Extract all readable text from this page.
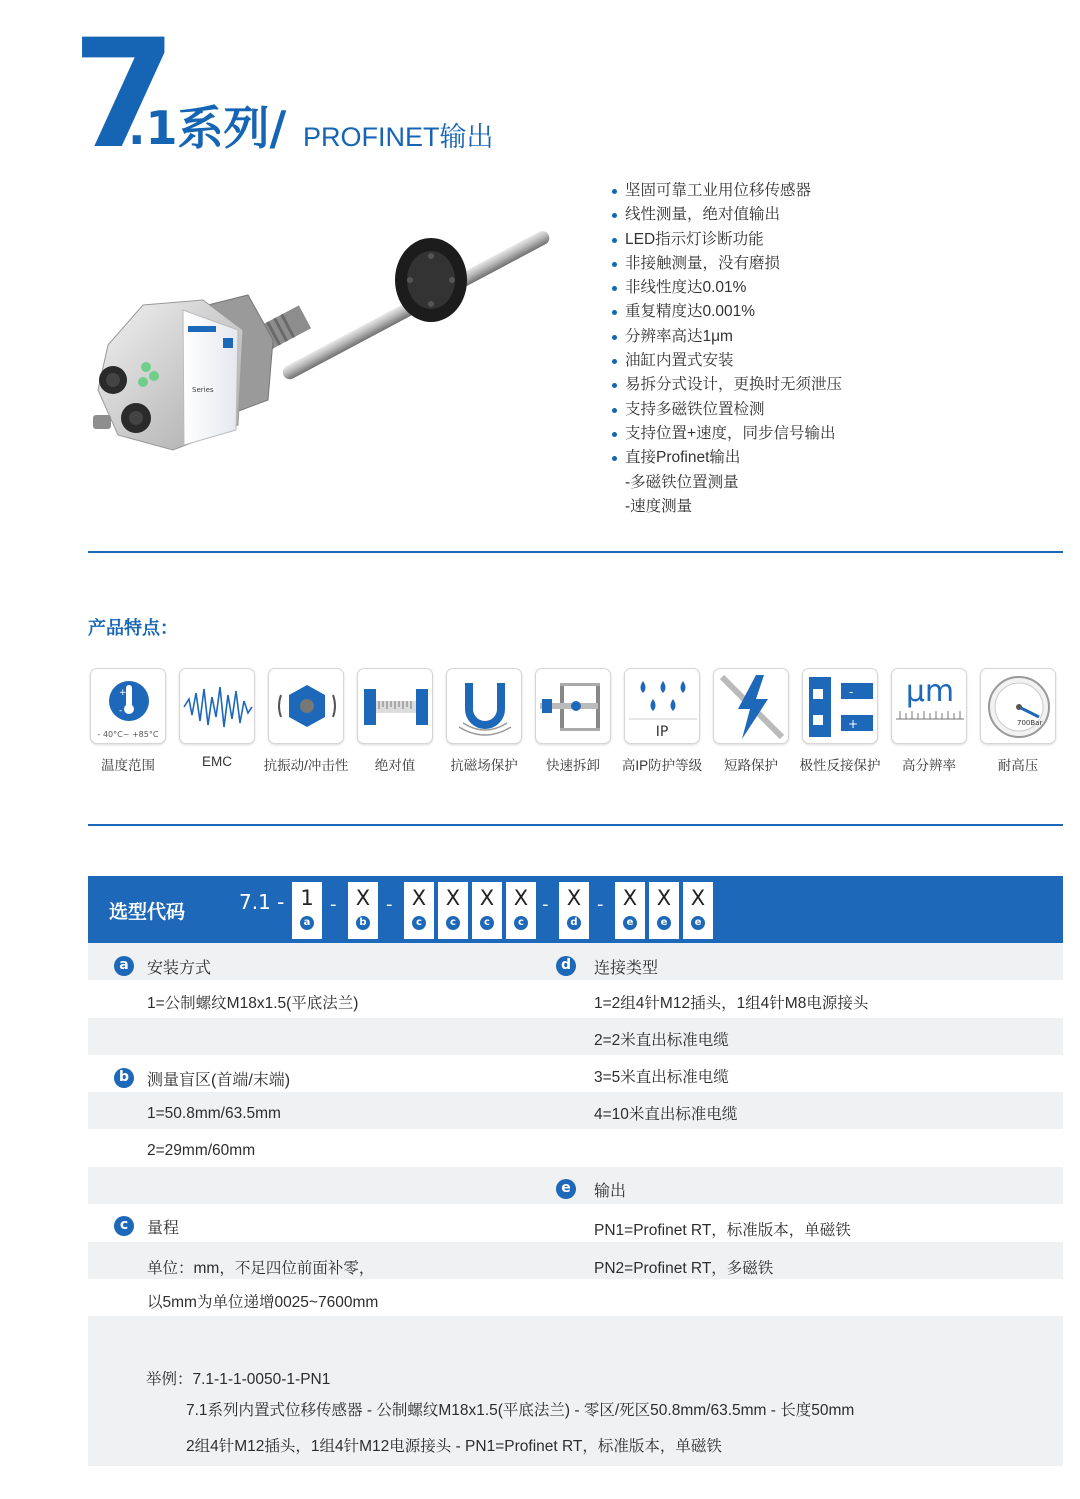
7
.1系列/ PROFINET输出
Series
坚固可靠工业用位移传感器
线性测量，绝对值输出
LED指示灯诊断功能
非接触测量，没有磨损
非线性度达0.01%
重复精度达0.001%
分辨率高达1μm
油缸内置式安装
易拆分式设计，更换时无须泄压
支持多磁铁位置检测
支持位置+速度，同步信号输出
直接Profinet输出
-多磁铁位置测量
-速度测量
产品特点：
+
-
- 40°C~ +85°C
温度范围	EMC	抗振动/冲击性	绝对值	抗磁场保护	快速拆卸
IP
高IP防护等级	短路保护
-
+
极性反接保护
μm
高分辨率
700Bar
耐高压
选型代码	7.1 - 1
a
- X
b
- X
c
X
c
X
c
X
c
- X
d
- X
e
X
e
X
e
a	安装方式
1=公制螺纹M18x1.5(平底法兰)
b	测量盲区(首端/末端)
1=50.8mm/63.5mm
2=29mm/60mm
c	量程
单位：mm，不足四位前面补零，
以5mm为单位递增0025~7600mm
d	连接类型
1=2组4针M12插头，1组4针M8电源接头
2=2米直出标准电缆
3=5米直出标准电缆
4=10米直出标准电缆
e	输出
PN1=Profinet RT，标准版本，单磁铁
PN2=Profinet RT，多磁铁
举例：7.1-1-1-0050-1-PN1
7.1系列内置式位移传感器 - 公制螺纹M18x1.5(平底法兰) - 零区/死区50.8mm/63.5mm - 长度50mm
2组4针M12插头，1组4针M12电源接头 - PN1=Profinet RT，标准版本，单磁铁
